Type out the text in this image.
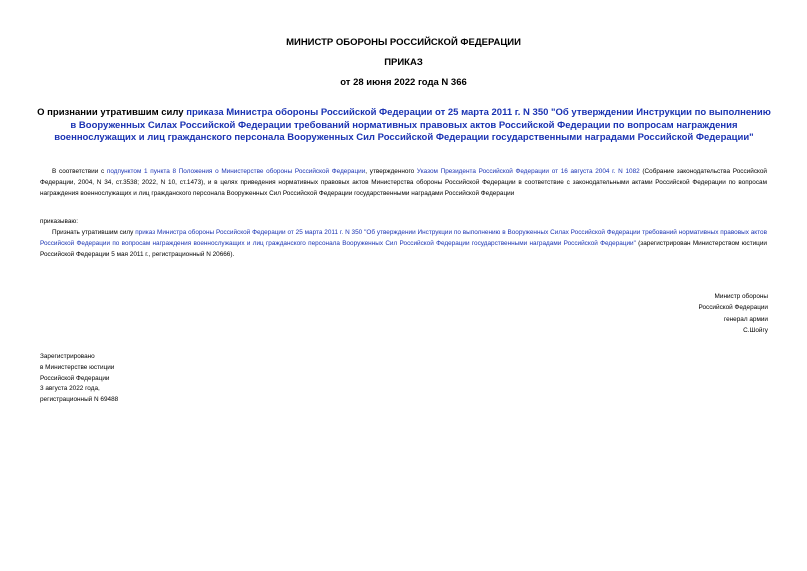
МИНИСТР ОБОРОНЫ РОССИЙСКОЙ ФЕДЕРАЦИИ
ПРИКАЗ
от 28 июня 2022 года N 366
О признании утратившим силу приказа Министра обороны Российской Федерации от 25 марта 2011 г. N 350 "Об утверждении Инструкции по выполнению в Вооруженных Силах Российской Федерации требований нормативных правовых актов Российской Федерации по вопросам награждения военнослужащих и лиц гражданского персонала Вооруженных Сил Российской Федерации государственными наградами Российской Федерации"
В соответствии с подпунктом 1 пункта 8 Положения о Министерстве обороны Российской Федерации, утвержденного Указом Президента Российской Федерации от 16 августа 2004 г. N 1082 (Собрание законодательства Российской Федерации, 2004, N 34, ст.3538; 2022, N 10, ст.1473), и в целях приведения нормативных правовых актов Министерства обороны Российской Федерации в соответствие с законодательными актами Российской Федерации по вопросам награждения военнослужащих и лиц гражданского персонала Вооруженных Сил Российской Федерации государственными наградами Российской Федерации
приказываю:
Признать утратившим силу приказ Министра обороны Российской Федерации от 25 марта 2011 г. N 350 "Об утверждении Инструкции по выполнению в Вооруженных Силах Российской Федерации требований нормативных правовых актов Российской Федерации по вопросам награждения военнослужащих и лиц гражданского персонала Вооруженных Сил Российской Федерации государственными наградами Российской Федерации" (зарегистрирован Министерством юстиции Российской Федерации 5 мая 2011 г., регистрационный N 20666).
Министр обороны
Российской Федерации
генерал армии
С.Шойгу
Зарегистрировано
в Министерстве юстиции
Российской Федерации
3 августа 2022 года,
регистрационный N 69488
